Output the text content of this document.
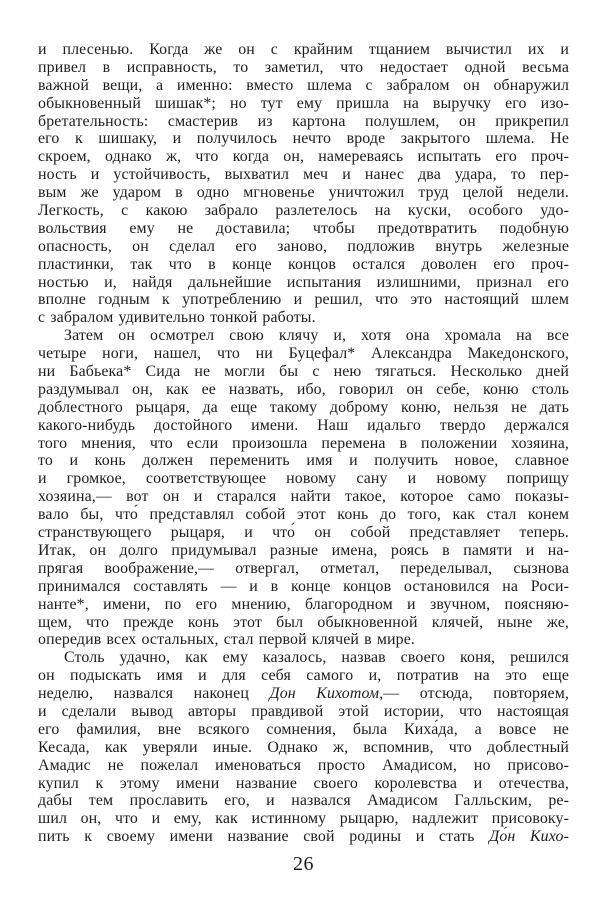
и плесенью. Когда же он с крайним тщанием вычистил их и
привел в исправность, то заметил, что недостает одной весьма
важной вещи, а именно: вместо шлема с забралом он обнаружил
обыкновенный шишак*; но тут ему пришла на выручку его изо-
бретательность: смастерив из картона полушлем, он прикрепил
его к шишаку, и получилось нечто вроде закрытого шлема. Не
скроем, однако ж, что когда он, намереваясь испытать его проч-
ность и устойчивость, выхватил меч и нанес два удара, то пер-
вым же ударом в одно мгновенье уничтожил труд целой недели.
Легкость, с какою забрало разлетелось на куски, особого удо-
вольствия ему не доставила; чтобы предотвратить подобную
опасность, он сделал его заново, подложив внутрь железные
пластинки, так что в конце концов остался доволен его проч-
ностью и, найдя дальнейшие испытания излишними, признал его
вполне годным к употреблению и решил, что это настоящий шлем
с забралом удивительно тонкой работы.
Затем он осмотрел свою клячу и, хотя она хромала на все
четыре ноги, нашел, что ни Буцефал* Александра Македонского,
ни Бабьека* Сида не могли бы с нею тягаться. Несколько дней
раздумывал он, как ее назвать, ибо, говорил он себе, коню столь
доблестного рыцаря, да еще такому доброму коню, нельзя не дать
какого-нибудь достойного имени. Наш идальго твердо держался
того мнения, что если произошла перемена в положении хозяина,
то и конь должен переменить имя и получить новое, славное
и громкое, соответствующее новому сану и новому поприщу
хозяина,— вот он и старался найти такое, которое само показы-
вало бы, что́ представлял собой этот конь до того, как стал конем
странствующего рыцаря, и что́ он собой представляет теперь.
Итак, он долго придумывал разные имена, роясь в памяти и на-
прягая воображение,— отвергал, отметал, переделывал, сызнова
принимался составлять — и в конце концов остановился на Роси-
нанте*, имени, по его мнению, благородном и звучном, поясняю-
щем, что прежде конь этот был обыкновенной клячей, ныне же,
опередив всех остальных, стал первой клячей в мире.
Столь удачно, как ему казалось, назвав своего коня, решился
он подыскать имя и для себя самого и, потратив на это еще
неделю, назвался наконец Дон Кихотом,— отсюда, повторяем,
и сделали вывод авторы правдивой этой истории, что настоящая
его фамилия, вне всякого сомнения, была Киха́да, а вовсе не
Кесада, как уверяли иные. Однако ж, вспомнив, что доблестный
Амадис не пожелал именоваться просто Амадисом, но присово-
купил к этому имени название своего королевства и отечества,
дабы тем прославить его, и назвался Амадисом Галльским, ре-
шил он, что и ему, как истинному рыцарю, надлежит присовоку-
пить к своему имени название свой родины и стать До́н Кихо-
26
